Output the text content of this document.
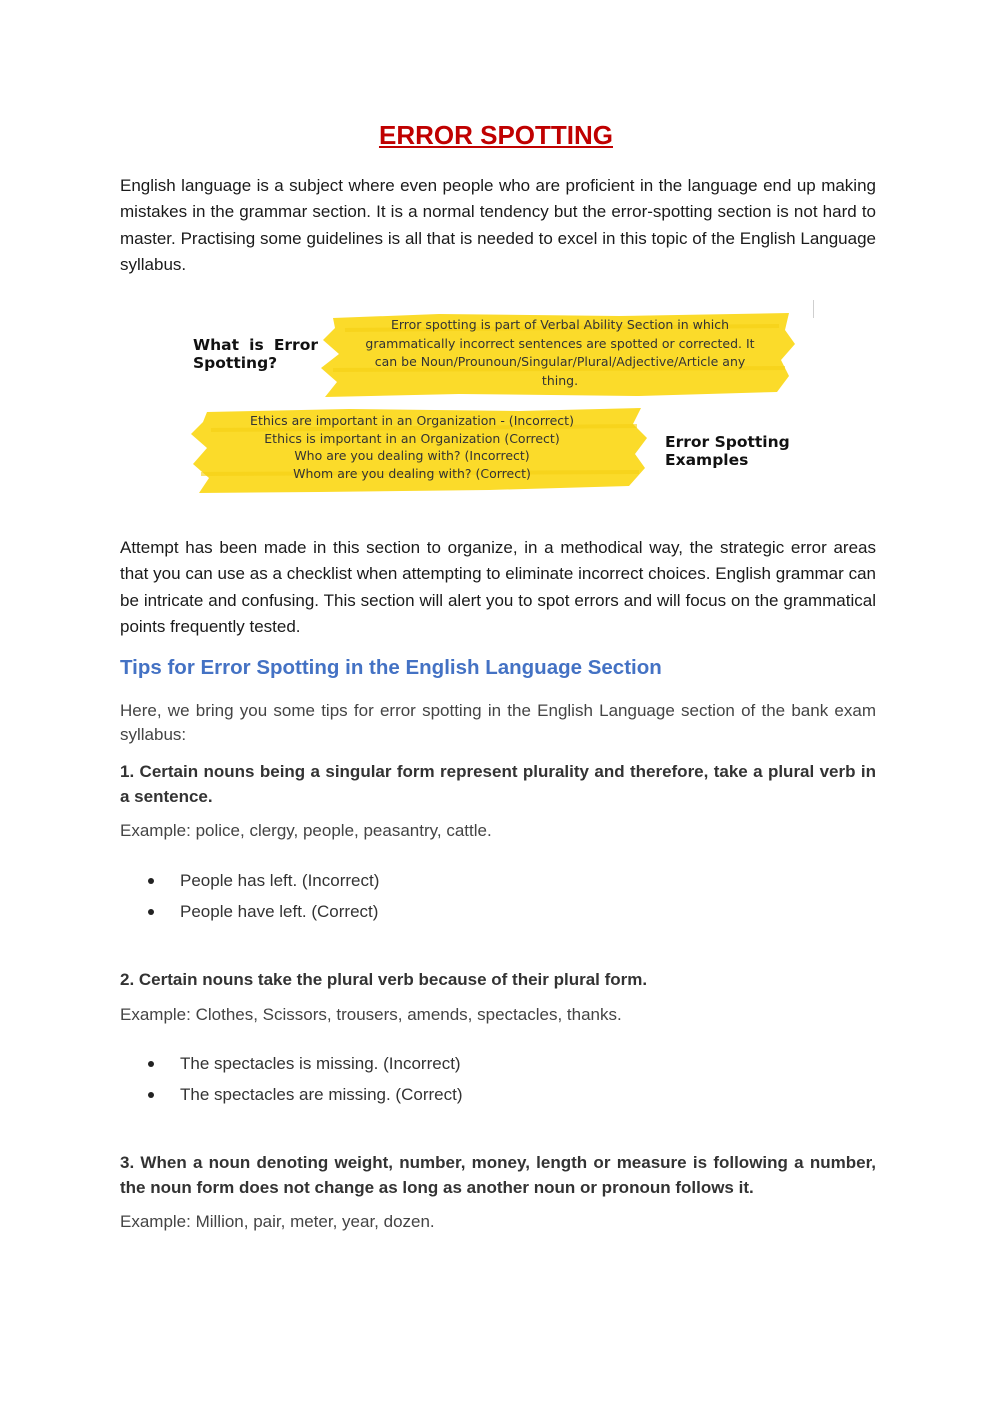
ERROR SPOTTING
English language is a subject where even people who are proficient in the language end up making mistakes in the grammar section. It is a normal tendency but the error-spotting section is not hard to master. Practising some guidelines is all that is needed to excel in this topic of the English Language syllabus.
What is Error Spotting?
Error spotting is part of Verbal Ability Section in which grammatically incorrect sentences are spotted or corrected. It can be Noun/Prounoun/Singular/Plural/Adjective/Article any thing.
Ethics are important in an Organization - (Incorrect)
Ethics is important in an Organization (Correct)
Who are you dealing with? (Incorrect)
Whom are you dealing with? (Correct)
Error Spotting Examples
Attempt has been made in this section to organize, in a methodical way, the strategic error areas that you can use as a checklist when attempting to eliminate incorrect choices. English grammar can be intricate and confusing. This section will alert you to spot errors and will focus on the grammatical points frequently tested.
Tips for Error Spotting in the English Language Section
Here, we bring you some tips for error spotting in the English Language section of the bank exam syllabus:
1. Certain nouns being a singular form represent plurality and therefore, take a plural verb in a sentence.
Example: police, clergy, people, peasantry, cattle.
People has left. (Incorrect)
People have left. (Correct)
2. Certain nouns take the plural verb because of their plural form.
Example: Clothes, Scissors, trousers, amends, spectacles, thanks.
The spectacles is missing. (Incorrect)
The spectacles are missing. (Correct)
3. When a noun denoting weight, number, money, length or measure is following a number, the noun form does not change as long as another noun or pronoun follows it.
Example: Million, pair, meter, year, dozen.
